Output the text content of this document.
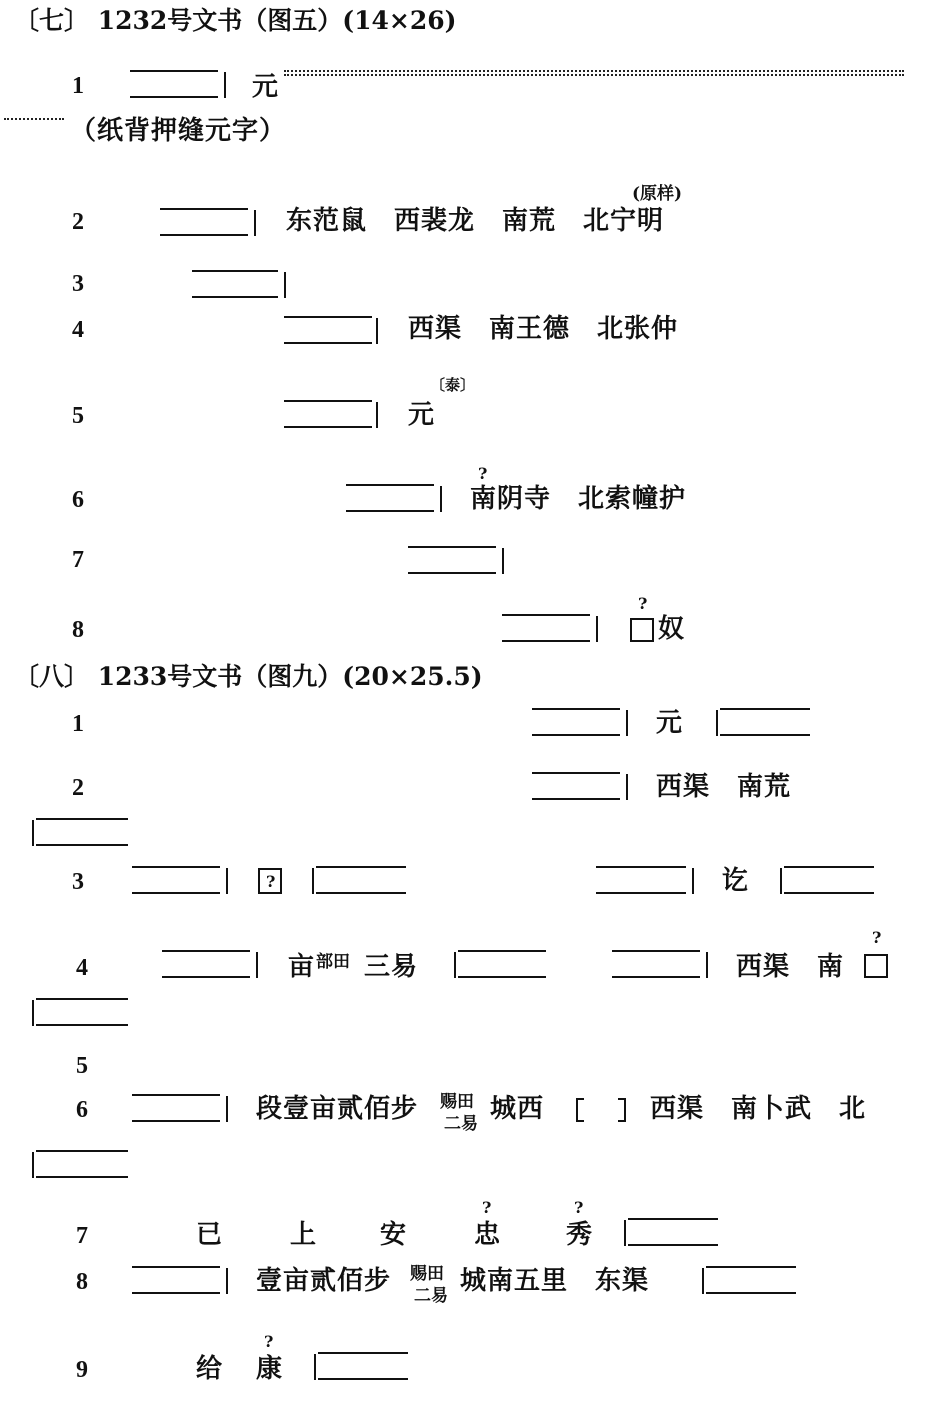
〔七〕 1232号文书（图五）(14×26)
1	元
（纸背押缝元字）
2
(原样)
东范鼠　西裴龙　南荒　北宁明
3
4	西渠　南王德　北张仲
5
〔泰〕
元
6
?
南阴寺　北索幢护
7
8
?
奴
〔八〕 1233号文书（图九）(20×25.5)
1	元
2	西渠　南荒
3	?	讫
4	亩 部田 三易	西渠　南
?
5
6	段壹亩贰佰步 赐田
二易 城西	西渠　南卜武　北
7	已	上 安
?
忠
?
秀
8	壹亩贰佰步 赐田
二易 城南五里　东渠
9	给
?
康
